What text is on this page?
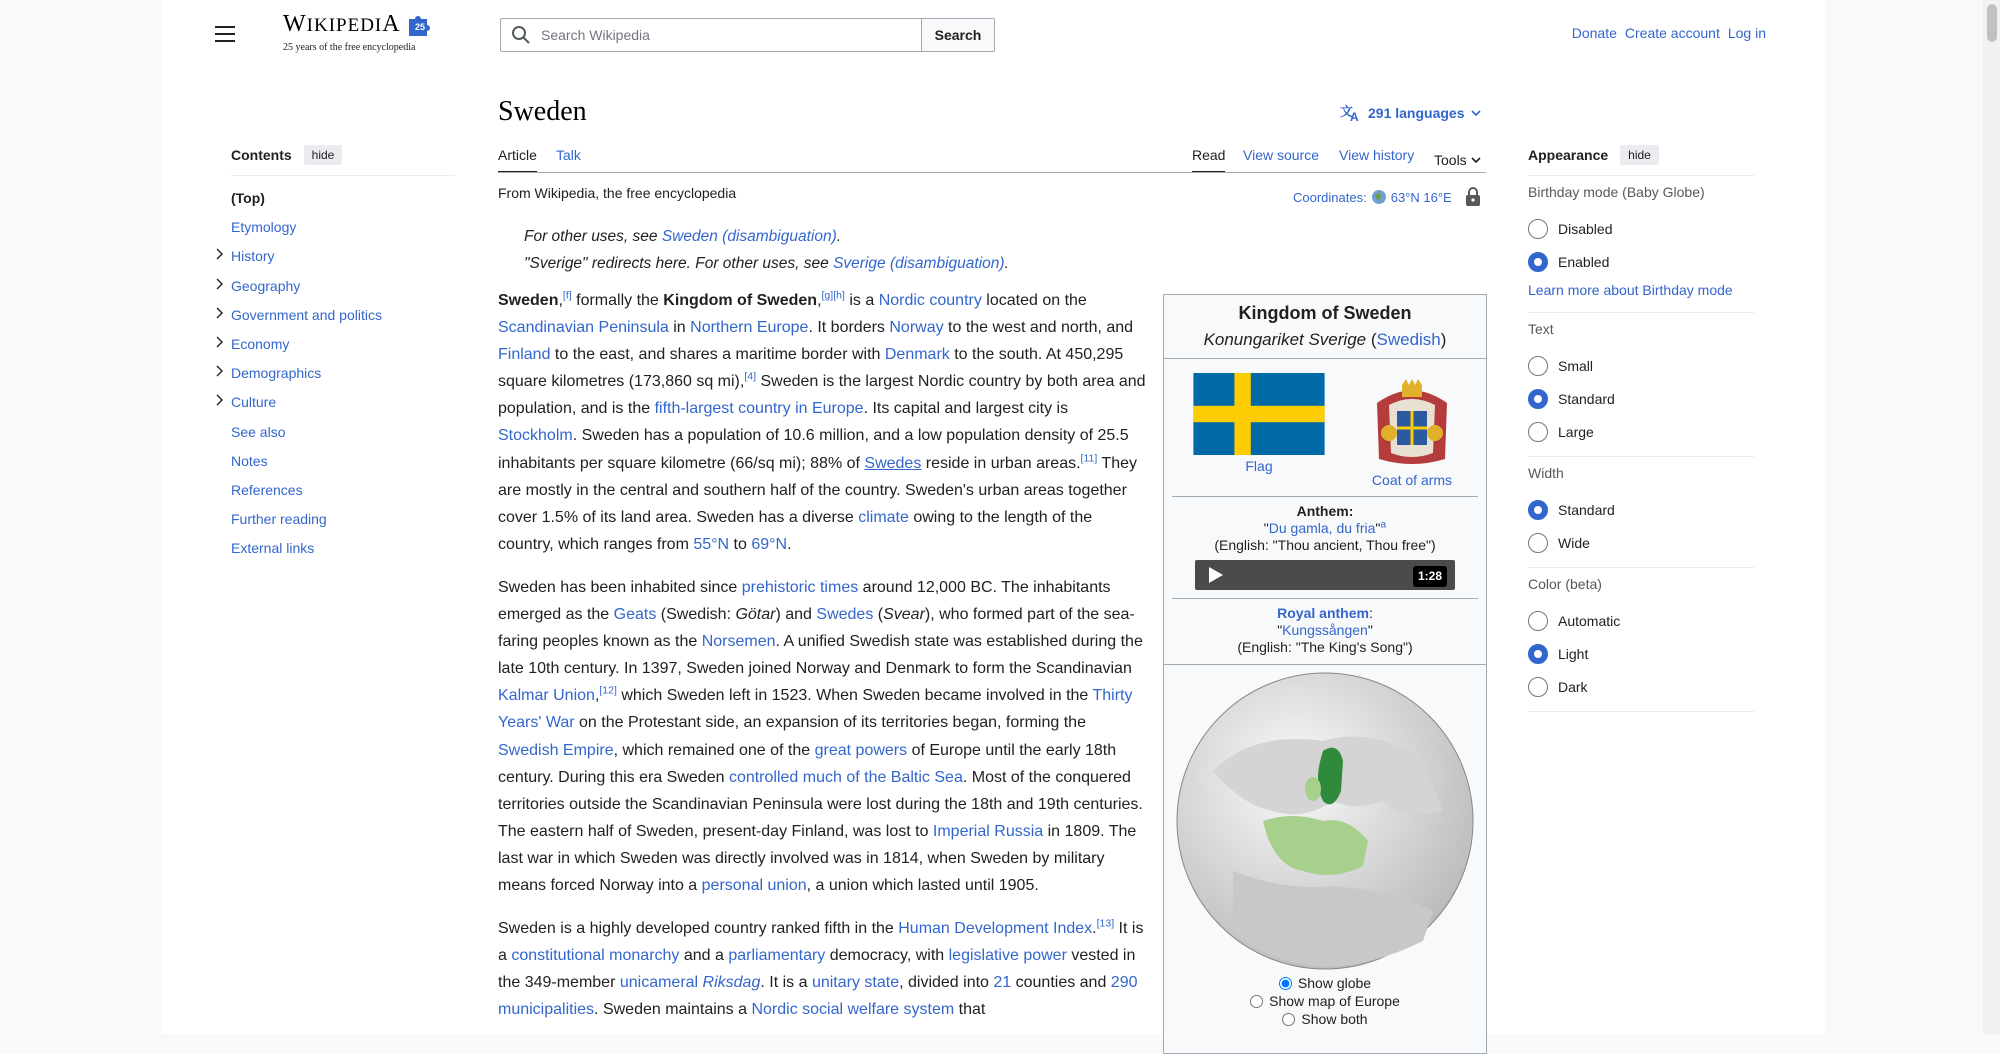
WIKIPEDIA
25 years of the free encyclopedia
25
Search Wikipedia	Search	Donate Create account Log in
Contents	hide
(Top)
Etymology
History
Geography
Government and politics
Economy
Demographics
Culture
See also
Notes
References
Further reading
External links
Sweden	文
A 291 languages
Article Talk	Read View source View history Tools
From Wikipedia, the free encyclopedia	Coordinates: 63°N 16°E
For other uses, see Sweden (disambiguation).
"Sverige" redirects here. For other uses, see Sverige (disambiguation).

Sweden,[f] formally the Kingdom of Sweden,[g][h] is a Nordic country located on the Scandinavian Peninsula in Northern Europe. It borders Norway to the west and north, and Finland to the east, and shares a maritime border with Denmark to the south. At 450,295 square kilometres (173,860 sq mi),[4] Sweden is the largest Nordic country by both area and population, and is the fifth-largest country in Europe. Its capital and largest city is Stockholm. Sweden has a population of 10.6 million, and a low population density of 25.5 inhabitants per square kilometre (66/sq mi); 88% of Swedes reside in urban areas.[11] They are mostly in the central and southern half of the country. Sweden's urban areas together cover 1.5% of its land area. Sweden has a diverse climate owing to the length of the country, which ranges from 55°N to 69°N.

Sweden has been inhabited since prehistoric times around 12,000 BC. The inhabitants emerged as the Geats (Swedish: Götar) and Swedes (Svear), who formed part of the sea-faring peoples known as the Norsemen. A unified Swedish state was established during the late 10th century. In 1397, Sweden joined Norway and Denmark to form the Scandinavian Kalmar Union,[12] which Sweden left in 1523. When Sweden became involved in the Thirty Years' War on the Protestant side, an expansion of its territories began, forming the Swedish Empire, which remained one of the great powers of Europe until the early 18th century. During this era Sweden controlled much of the Baltic Sea. Most of the conquered territories outside the Scandinavian Peninsula were lost during the 18th and 19th centuries. The eastern half of Sweden, present-day Finland, was lost to Imperial Russia in 1809. The last war in which Sweden was directly involved was in 1814, when Sweden by military means forced Norway into a personal union, a union which lasted until 1905.

Sweden is a highly developed country ranked fifth in the Human Development Index.[13] It is a constitutional monarchy and a parliamentary democracy, with legislative power vested in the 349-member unicameral Riksdag. It is a unitary state, divided into 21 counties and 290 municipalities. Sweden maintains a Nordic social welfare system that

Kingdom of Sweden
Konungariket Sverige (Swedish)
Flag
Coat of arms
Anthem:
"Du gamla, du fria"$^a$
(English: "Thou ancient, Thou free")
1:28
Royal anthem:
"Kungssången"
(English: "The King's Song")
Show globe
Show map of Europe
Show both
Appearance	hide
Birthday mode (Baby Globe)
Disabled
Enabled
Learn more about Birthday mode
Text
Small
Standard
Large
Width
Standard
Wide
Color (beta)
Automatic
Light
Dark
